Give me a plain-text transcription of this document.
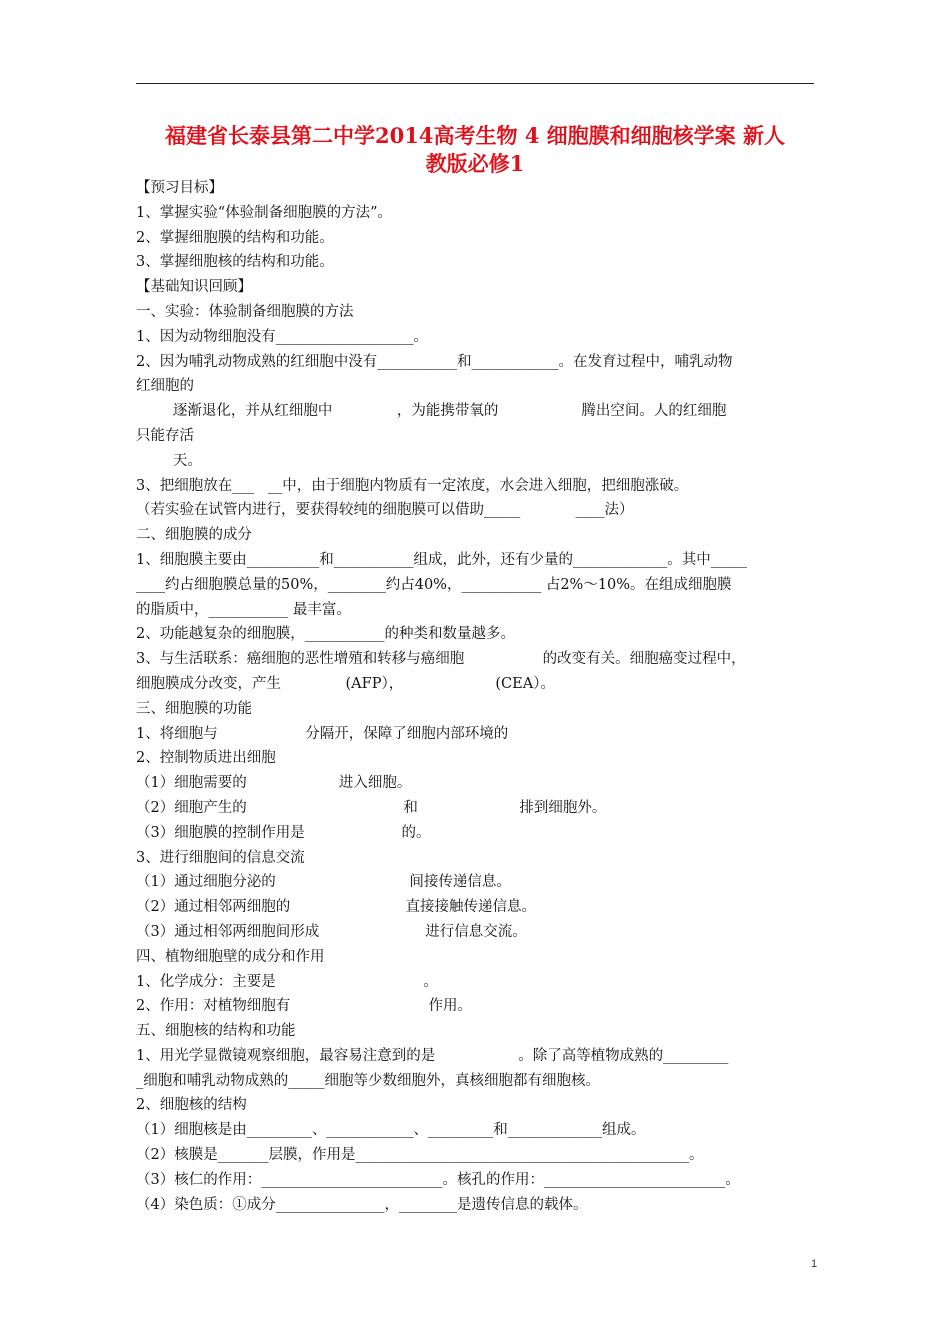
福建省长泰县第二中学2014高考生物 4 细胞膜和细胞核学案 新人
教版必修1
【预习目标】
1、掌握实验“体验制备细胞膜的方法”。
2、掌握细胞膜的结构和功能。
3、掌握细胞核的结构和功能。
【基础知识回顾】
一、实验：体验制备细胞膜的方法
1、因为动物细胞没有___________________。
2、因为哺乳动物成熟的红细胞中没有___________和____________。在发育过程中，哺乳动物
红细胞的
逐渐退化，并从红细胞中              ，为能携带氧的                  腾出空间。人的红细胞
只能存活
天。
3、把细胞放在___   __中，由于细胞内物质有一定浓度，水会进入细胞，把细胞涨破。
（若实验在试管内进行，要获得较纯的细胞膜可以借助_____            ____法）
二、细胞膜的成分
1、细胞膜主要由__________和___________组成，此外，还有少量的_____________。其中_____
____约占细胞膜总量的50%，________约占40%，___________ 占2%～10%。在组成细胞膜
的脂质中，___________ 最丰富。
2、功能越复杂的细胞膜，___________的种类和数量越多。
3、与生活联系：癌细胞的恶性增殖和转移与癌细胞                 的改变有关。细胞癌变过程中，
细胞膜成分改变，产生              (AFP），                    (CEA）。
三、细胞膜的功能
1、将细胞与                   分隔开，保障了细胞内部环境的
2、控制物质进出细胞
（1）细胞需要的                    进入细胞。
（2）细胞产生的                                  和                      排到细胞外。
（3）细胞膜的控制作用是                     的。
3、进行细胞间的信息交流
（1）通过细胞分泌的                             间接传递信息。
（2）通过相邻两细胞的                         直接接触传递信息。
（3）通过相邻两细胞间形成                       进行信息交流。
四、植物细胞壁的成分和作用
1、化学成分：主要是                                。
2、作用：对植物细胞有                              作用。
五、细胞核的结构和功能
1、用光学显微镜观察细胞，最容易注意到的是                  。除了高等植物成熟的_________
_细胞和哺乳动物成熟的_____细胞等少数细胞外，真核细胞都有细胞核。
2、细胞核的结构
（1）细胞核是由_________、____________、_________和_____________组成。
（2）核膜是_______层膜，作用是______________________________________________。
（3）核仁的作用：_________________________。核孔的作用：_________________________。
（4）染色质：①成分_______________，________是遗传信息的载体。
1
